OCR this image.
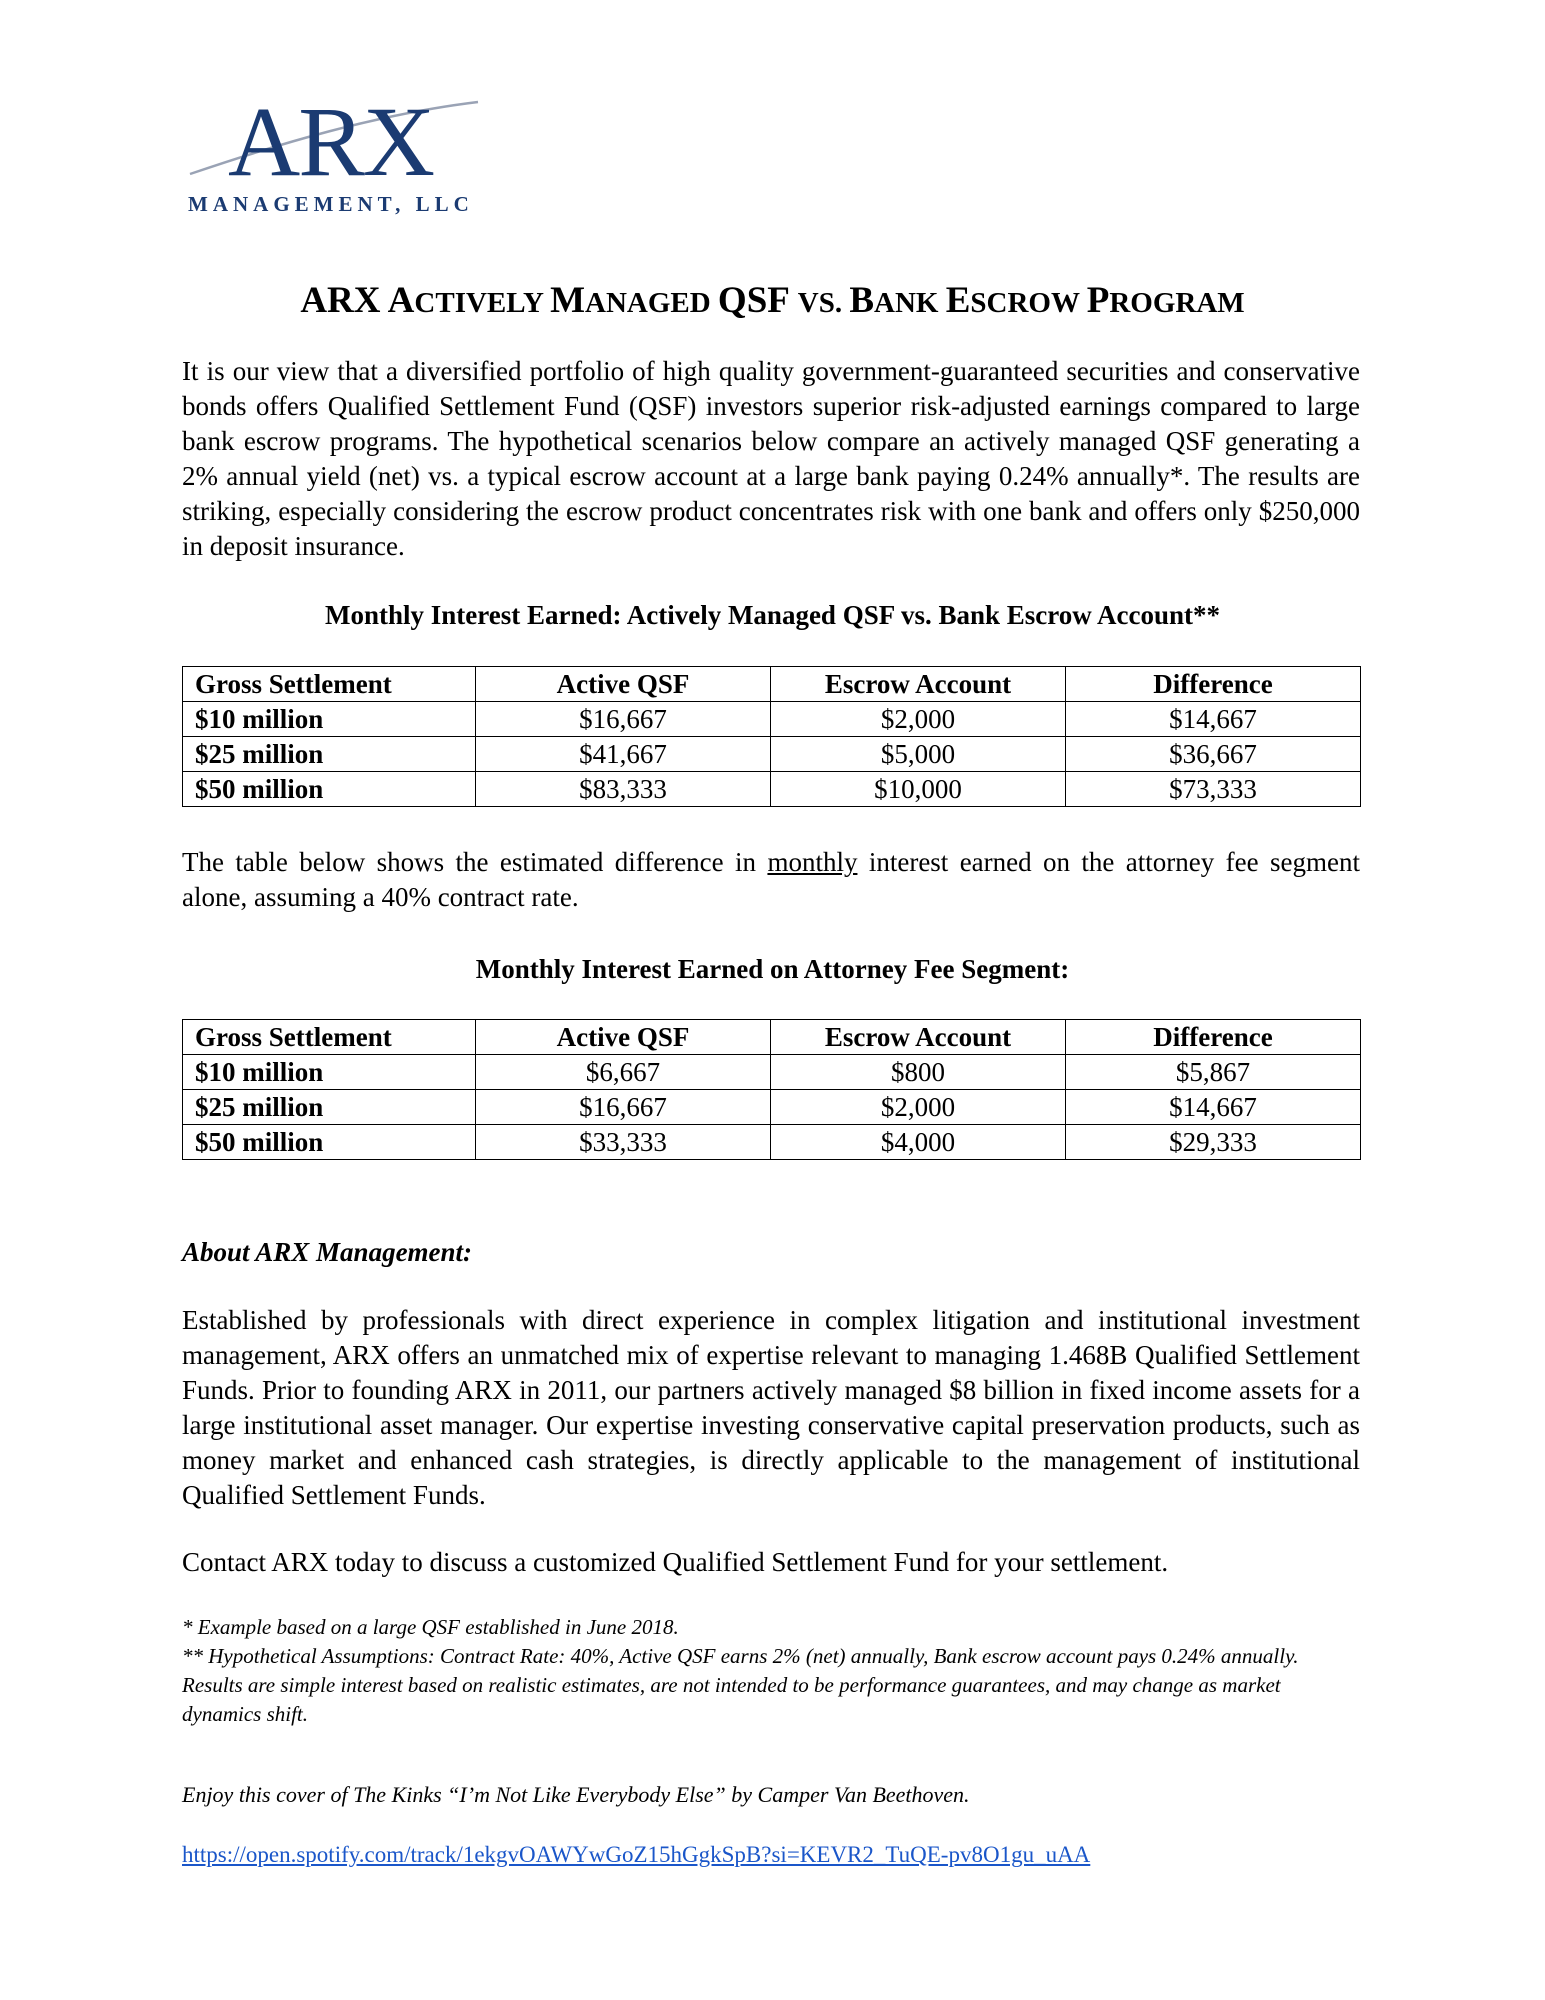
ARX
MANAGEMENT, LLC
ARX ACTIVELY MANAGED QSF VS. BANK ESCROW PROGRAM
It is our view that a diversified portfolio of high quality government-guaranteed securities and conservative bonds offers Qualified Settlement Fund (QSF) investors superior risk-adjusted earnings compared to large bank escrow programs. The hypothetical scenarios below compare an actively managed QSF generating a 2% annual yield (net) vs. a typical escrow account at a large bank paying 0.24% annually*. The results are striking, especially considering the escrow product concentrates risk with one bank and offers only $250,000 in deposit insurance.
Monthly Interest Earned: Actively Managed QSF vs. Bank Escrow Account**
Gross Settlement	Active QSF	Escrow Account	Difference
$10 million	$16,667	$2,000	$14,667
$25 million	$41,667	$5,000	$36,667
$50 million	$83,333	$10,000	$73,333
The table below shows the estimated difference in monthly interest earned on the attorney fee segment alone, assuming a 40% contract rate.
Monthly Interest Earned on Attorney Fee Segment:
Gross Settlement	Active QSF	Escrow Account	Difference
$10 million	$6,667	$800	$5,867
$25 million	$16,667	$2,000	$14,667
$50 million	$33,333	$4,000	$29,333
About ARX Management:
Established by professionals with direct experience in complex litigation and institutional investment management, ARX offers an unmatched mix of expertise relevant to managing 1.468B Qualified Settlement Funds. Prior to founding ARX in 2011, our partners actively managed $8 billion in fixed income assets for a large institutional asset manager. Our expertise investing conservative capital preservation products, such as money market and enhanced cash strategies, is directly applicable to the management of institutional Qualified Settlement Funds.
Contact ARX today to discuss a customized Qualified Settlement Fund for your settlement.
* Example based on a large QSF established in June 2018.
** Hypothetical Assumptions: Contract Rate: 40%, Active QSF earns 2% (net) annually, Bank escrow account pays 0.24% annually. Results are simple interest based on realistic estimates, are not intended to be performance guarantees, and may change as market dynamics shift.
Enjoy this cover of The Kinks “I’m Not Like Everybody Else” by Camper Van Beethoven.
https://open.spotify.com/track/1ekgvOAWYwGoZ15hGgkSpB?si=KEVR2_TuQE-pv8O1gu_uAA
